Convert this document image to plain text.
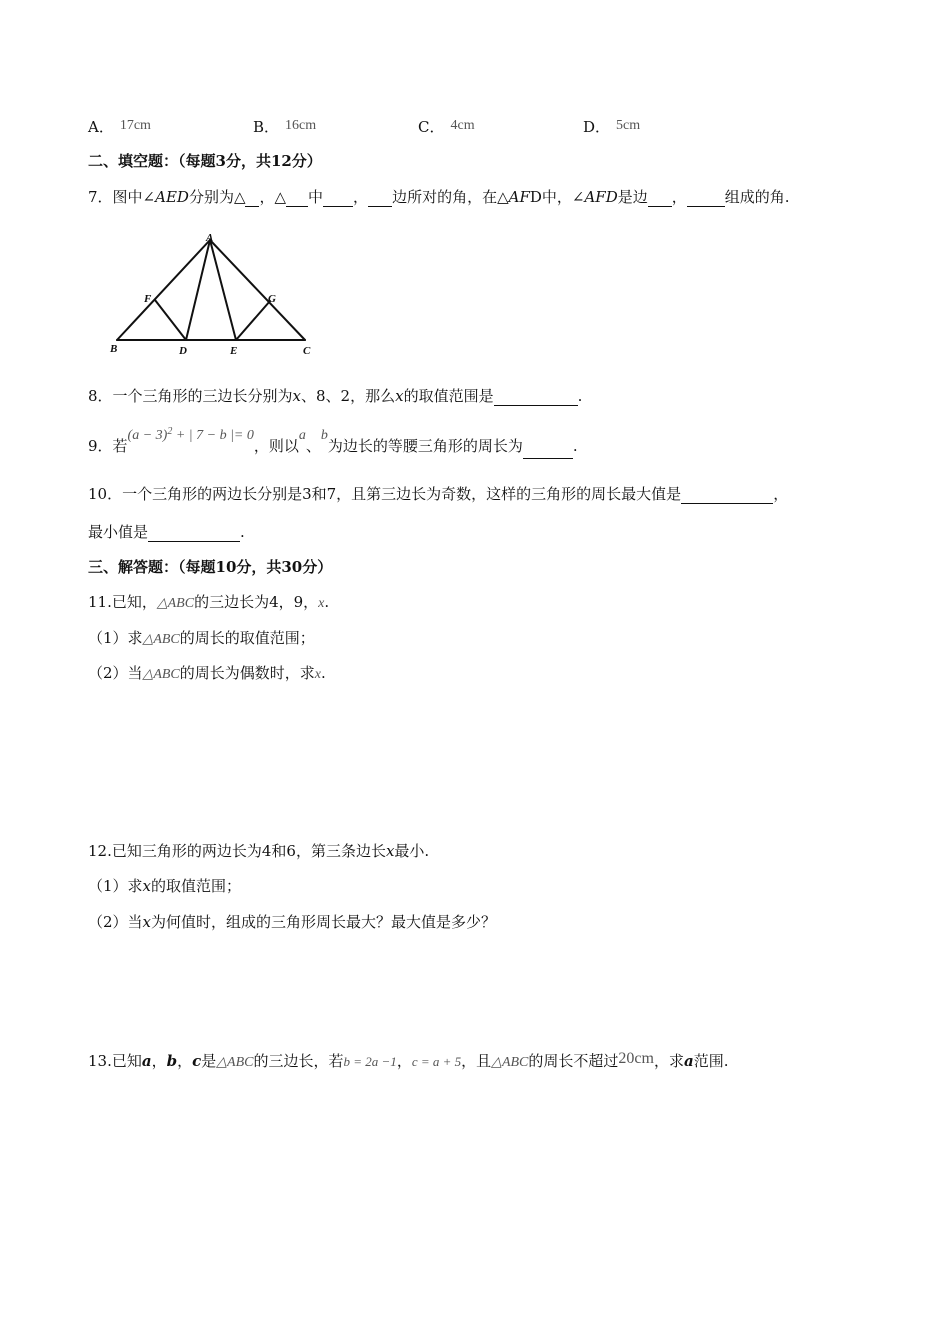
A． 17cm	B． 16cm	C． 4cm	D． 5cm
二、填空题：（每题3分，共12分）
7．图中∠AED分别为△ ，△ 中 ， 边所对的角，在△AFD中，∠AFD是边 ，	组成的角.
A
B	C
D	E
F	G
8．一个三角形的三边长分别为x、8、2，那么x的取值范围是	.
9．若$(a - 3)^2$ + | 7 − b |= 0，则以a、b为边长的等腰三角形的周长为	.
10．一个三角形的两边长分别是3和7，且第三边长为奇数，这样的三角形的周长最大值是	，
最小值是	.
三、解答题：（每题10分，共30分）
11.已知，△ABC的三边长为4，9，x.
（1）求△ABC的周长的取值范围；
（2）当△ABC的周长为偶数时，求x.
12.已知三角形的两边长为4和6，第三条边长x最小.
（1）求x的取值范围；
（2）当x为何值时，组成的三角形周长最大？最大值是多少？
13.已知a，b，c是△ABC的三边长，若b = 2a −1，c = a + 5，且△ABC的周长不超过20cm，求a范围.
